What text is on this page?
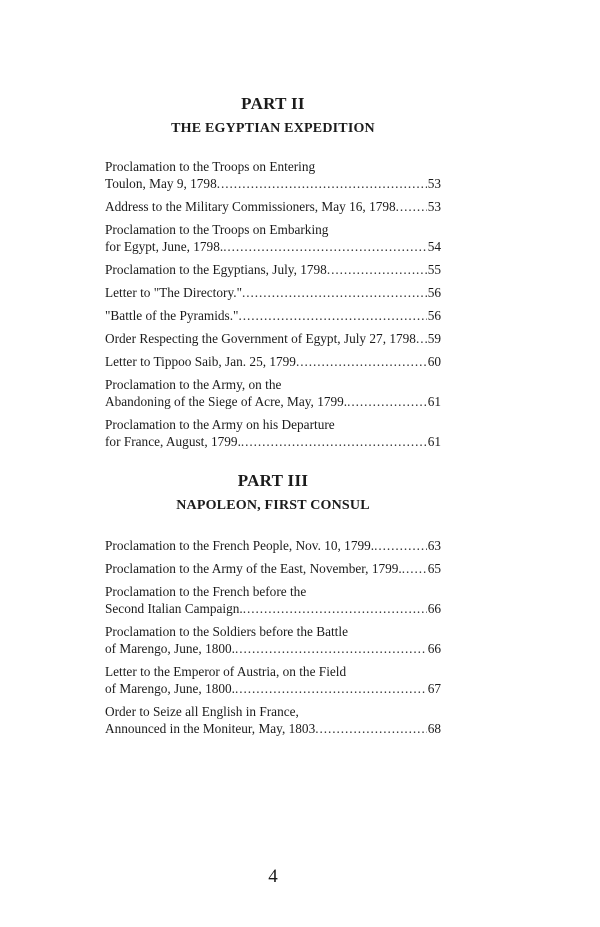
PART II
THE EGYPTIAN EXPEDITION
Proclamation to the Troops on Entering
Toulon, May 9, 1798 . . .	53
Address to the Military Commissioners, May 16, 1798 . . . 53
Proclamation to the Troops on Embarking
for Egypt, June, 1798. . . .	54
Proclamation to the Egyptians, July, 1798 . . .	55
Letter to "The Directory." . . .	56
"Battle of the Pyramids." . . .	56
Order Respecting the Government of Egypt, July 27, 1798 . . . 59
Letter to Tippoo Saib, Jan. 25, 1799 . . .	60
Proclamation to the Army, on the
Abandoning of the Siege of Acre, May, 1799. . . .	61
Proclamation to the Army on his Departure
for France, August, 1799. . . .	61
PART III
NAPOLEON, FIRST CONSUL
Proclamation to the French People, Nov. 10, 1799. . . .	63
Proclamation to the Army of the East, November, 1799. . . . 65
Proclamation to the French before the
Second Italian Campaign. . . .	66
Proclamation to the Soldiers before the Battle
of Marengo, June, 1800. . . .	66
Letter to the Emperor of Austria, on the Field
of Marengo, June, 1800. . . .	67
Order to Seize all English in France,
Announced in the Moniteur, May, 1803 . . .	68
4
